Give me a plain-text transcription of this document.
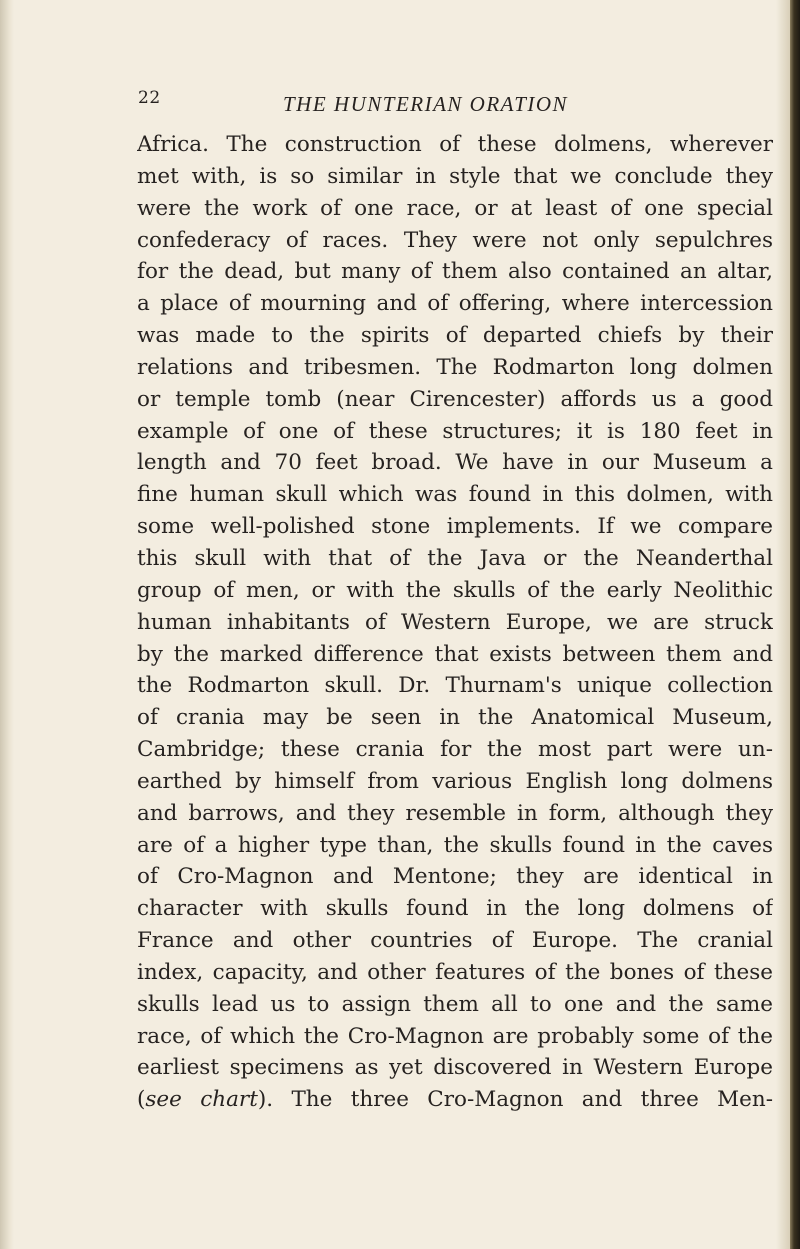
22	THE HUNTERIAN ORATION

Africa. The construction of these dolmens, wherever
met with, is so similar in style that we conclude they
were the work of one race, or at least of one special
confederacy of races. They were not only sepulchres
for the dead, but many of them also contained an altar,
a place of mourning and of offering, where intercession
was made to the spirits of departed chiefs by their
relations and tribesmen. The Rodmarton long dolmen
or temple tomb (near Cirencester) affords us a good
example of one of these structures; it is 180 feet in
length and 70 feet broad. We have in our Museum a
fine human skull which was found in this dolmen, with
some well-polished stone implements. If we compare
this skull with that of the Java or the Neanderthal
group of men, or with the skulls of the early Neolithic
human inhabitants of Western Europe, we are struck
by the marked difference that exists between them and
the Rodmarton skull. Dr. Thurnam's unique collection
of crania may be seen in the Anatomical Museum,
Cambridge; these crania for the most part were un-
earthed by himself from various English long dolmens
and barrows, and they resemble in form, although they
are of a higher type than, the skulls found in the caves
of Cro-Magnon and Mentone; they are identical in
character with skulls found in the long dolmens of
France and other countries of Europe. The cranial
index, capacity, and other features of the bones of these
skulls lead us to assign them all to one and the same
race, of which the Cro-Magnon are probably some of the
earliest specimens as yet discovered in Western Europe
(see chart). The three Cro-Magnon and three Men-
